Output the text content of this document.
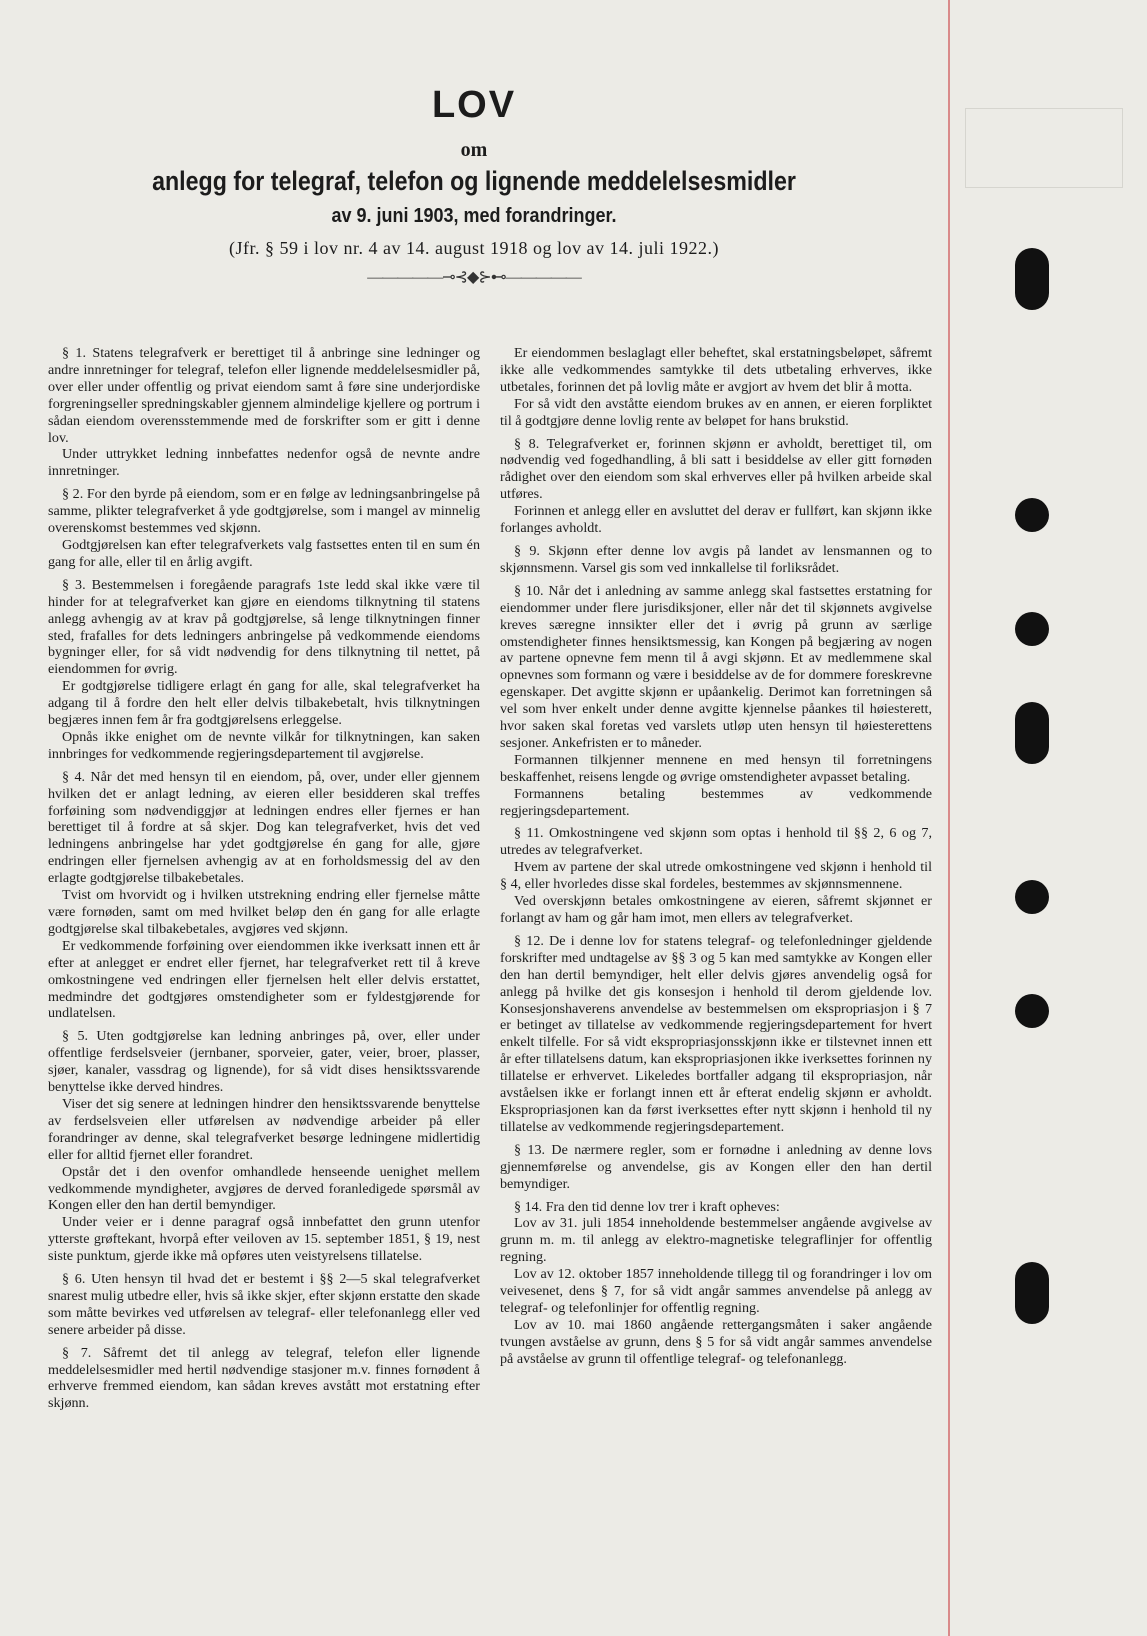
LOV
om
anlegg for telegraf, telefon og lignende meddelelsesmidler
av 9. juni 1903, med forandringer.
(Jfr. § 59 i lov nr. 4 av 14. august 1918 og lov av 14. juli 1922.)
—————⊸⊰◆⊱⊷—————

§ 1. Statens telegrafverk er berettiget til å anbringe sine ledninger og andre innretninger for telegraf, telefon eller lignende meddelelsesmidler på, over eller under offentlig og privat eiendom samt å føre sine underjordiske forgreningseller spredningskabler gjennem almindelige kjellere og portrum i sådan eiendom overensstemmende med de forskrifter som er gitt i denne lov.

Under uttrykket ledning innbefattes nedenfor også de nevnte andre innretninger.

§ 2. For den byrde på eiendom, som er en følge av ledningsanbringelse på samme, plikter telegrafverket å yde godtgjørelse, som i mangel av minnelig overenskomst bestemmes ved skjønn.

Godtgjørelsen kan efter telegrafverkets valg fastsettes enten til en sum én gang for alle, eller til en årlig avgift.

§ 3. Bestemmelsen i foregående paragrafs 1ste ledd skal ikke være til hinder for at telegrafverket kan gjøre en eiendoms tilknytning til statens anlegg avhengig av at krav på godtgjørelse, så lenge tilknytningen finner sted, frafalles for dets ledningers anbringelse på vedkommende eiendoms bygninger eller, for så vidt nødvendig for dens tilknytning til nettet, på eiendommen for øvrig.

Er godtgjørelse tidligere erlagt én gang for alle, skal telegrafverket ha adgang til å fordre den helt eller delvis tilbakebetalt, hvis tilknytningen begjæres innen fem år fra godtgjørelsens erleggelse.

Opnås ikke enighet om de nevnte vilkår for tilknytningen, kan saken innbringes for vedkommende regjeringsdepartement til avgjørelse.

§ 4. Når det med hensyn til en eiendom, på, over, under eller gjennem hvilken det er anlagt ledning, av eieren eller besidderen skal treffes forføining som nødvendiggjør at ledningen endres eller fjernes er han berettiget til å fordre at så skjer. Dog kan telegrafverket, hvis det ved ledningens anbringelse har ydet godtgjørelse én gang for alle, gjøre endringen eller fjernelsen avhengig av at en forholdsmessig del av den erlagte godtgjørelse tilbakebetales.

Tvist om hvorvidt og i hvilken utstrekning endring eller fjernelse måtte være fornøden, samt om med hvilket beløp den én gang for alle erlagte godtgjørelse skal tilbakebetales, avgjøres ved skjønn.

Er vedkommende forføining over eiendommen ikke iverksatt innen ett år efter at anlegget er endret eller fjernet, har telegrafverket rett til å kreve omkostningene ved endringen eller fjernelsen helt eller delvis erstattet, medmindre det godtgjøres omstendigheter som er fyldestgjørende for undlatelsen.

§ 5. Uten godtgjørelse kan ledning anbringes på, over, eller under offentlige ferdselsveier (jernbaner, sporveier, gater, veier, broer, plasser, sjøer, kanaler, vassdrag og lignende), for så vidt dises hensiktssvarende benyttelse ikke derved hindres.

Viser det sig senere at ledningen hindrer den hensiktssvarende benyttelse av ferdselsveien eller utførelsen av nødvendige arbeider på eller forandringer av denne, skal telegrafverket besørge ledningene midlertidig eller for alltid fjernet eller forandret.

Opstår det i den ovenfor omhandlede henseende uenighet mellem vedkommende myndigheter, avgjøres de derved foranledigede spørsmål av Kongen eller den han dertil bemyndiger.

Under veier er i denne paragraf også innbefattet den grunn utenfor ytterste grøftekant, hvorpå efter veiloven av 15. september 1851, § 19, nest siste punktum, gjerde ikke må opføres uten veistyrelsens tillatelse.

§ 6. Uten hensyn til hvad det er bestemt i §§ 2—5 skal telegrafverket snarest mulig utbedre eller, hvis så ikke skjer, efter skjønn erstatte den skade som måtte bevirkes ved utførelsen av telegraf- eller telefonanlegg eller ved senere arbeider på disse.

§ 7. Såfremt det til anlegg av telegraf, telefon eller lignende meddelelsesmidler med hertil nødvendige stasjoner m.v. finnes fornødent å erhverve fremmed eiendom, kan sådan kreves avstått mot erstatning efter skjønn.

Er eiendommen beslaglagt eller beheftet, skal erstatningsbeløpet, såfremt ikke alle vedkommendes samtykke til dets utbetaling erhverves, ikke utbetales, forinnen det på lovlig måte er avgjort av hvem det blir å motta.

For så vidt den avståtte eiendom brukes av en annen, er eieren forpliktet til å godtgjøre denne lovlig rente av beløpet for hans brukstid.

§ 8. Telegrafverket er, forinnen skjønn er avholdt, berettiget til, om nødvendig ved fogedhandling, å bli satt i besiddelse av eller gitt fornøden rådighet over den eiendom som skal erhverves eller på hvilken arbeide skal utføres.

Forinnen et anlegg eller en avsluttet del derav er fullført, kan skjønn ikke forlanges avholdt.

§ 9. Skjønn efter denne lov avgis på landet av lensmannen og to skjønnsmenn. Varsel gis som ved innkallelse til forliksrådet.

§ 10. Når det i anledning av samme anlegg skal fastsettes erstatning for eiendommer under flere jurisdiksjoner, eller når det til skjønnets avgivelse kreves særegne innsikter eller det i øvrig på grunn av særlige omstendigheter finnes hensiktsmessig, kan Kongen på begjæring av nogen av partene opnevne fem menn til å avgi skjønn. Et av medlemmene skal opnevnes som formann og være i besiddelse av de for dommere foreskrevne egenskaper. Det avgitte skjønn er upåankelig. Derimot kan forretningen så vel som hver enkelt under denne avgitte kjennelse påankes til høiesterett, hvor saken skal foretas ved varslets utløp uten hensyn til høiesterettens sesjoner. Ankefristen er to måneder.

Formannen tilkjenner mennene en med hensyn til forretningens beskaffenhet, reisens lengde og øvrige omstendigheter avpasset betaling.

Formannens betaling bestemmes av vedkommende regjeringsdepartement.

§ 11. Omkostningene ved skjønn som optas i henhold til §§ 2, 6 og 7, utredes av telegrafverket.

Hvem av partene der skal utrede omkostningene ved skjønn i henhold til § 4, eller hvorledes disse skal fordeles, bestemmes av skjønnsmennene.

Ved overskjønn betales omkostningene av eieren, såfremt skjønnet er forlangt av ham og går ham imot, men ellers av telegrafverket.

§ 12. De i denne lov for statens telegraf- og telefonledninger gjeldende forskrifter med undtagelse av §§ 3 og 5 kan med samtykke av Kongen eller den han dertil bemyndiger, helt eller delvis gjøres anvendelig også for anlegg på hvilke det gis konsesjon i henhold til derom gjeldende lov. Konsesjonshaverens anvendelse av bestemmelsen om ekspropriasjon i § 7 er betinget av tillatelse av vedkommende regjeringsdepartement for hvert enkelt tilfelle. For så vidt ekspropriasjonsskjønn ikke er tilstevnet innen ett år efter tillatelsens datum, kan ekspropriasjonen ikke iverksettes forinnen ny tillatelse er erhvervet. Likeledes bortfaller adgang til ekspropriasjon, når avståelsen ikke er forlangt innen ett år efterat endelig skjønn er avholdt. Ekspropriasjonen kan da først iverksettes efter nytt skjønn i henhold til ny tillatelse av vedkommende regjeringsdepartement.

§ 13. De nærmere regler, som er fornødne i anledning av denne lovs gjennemførelse og anvendelse, gis av Kongen eller den han dertil bemyndiger.

§ 14. Fra den tid denne lov trer i kraft opheves:

Lov av 31. juli 1854 inneholdende bestemmelser angående avgivelse av grunn m. m. til anlegg av elektro-magnetiske telegraflinjer for offentlig regning.

Lov av 12. oktober 1857 inneholdende tillegg til og forandringer i lov om veivesenet, dens § 7, for så vidt angår sammes anvendelse på anlegg av telegraf- og telefonlinjer for offentlig regning.

Lov av 10. mai 1860 angående rettergangsmåten i saker angående tvungen avståelse av grunn, dens § 5 for så vidt angår sammes anvendelse på avståelse av grunn til offentlige telegraf- og telefonanlegg.
